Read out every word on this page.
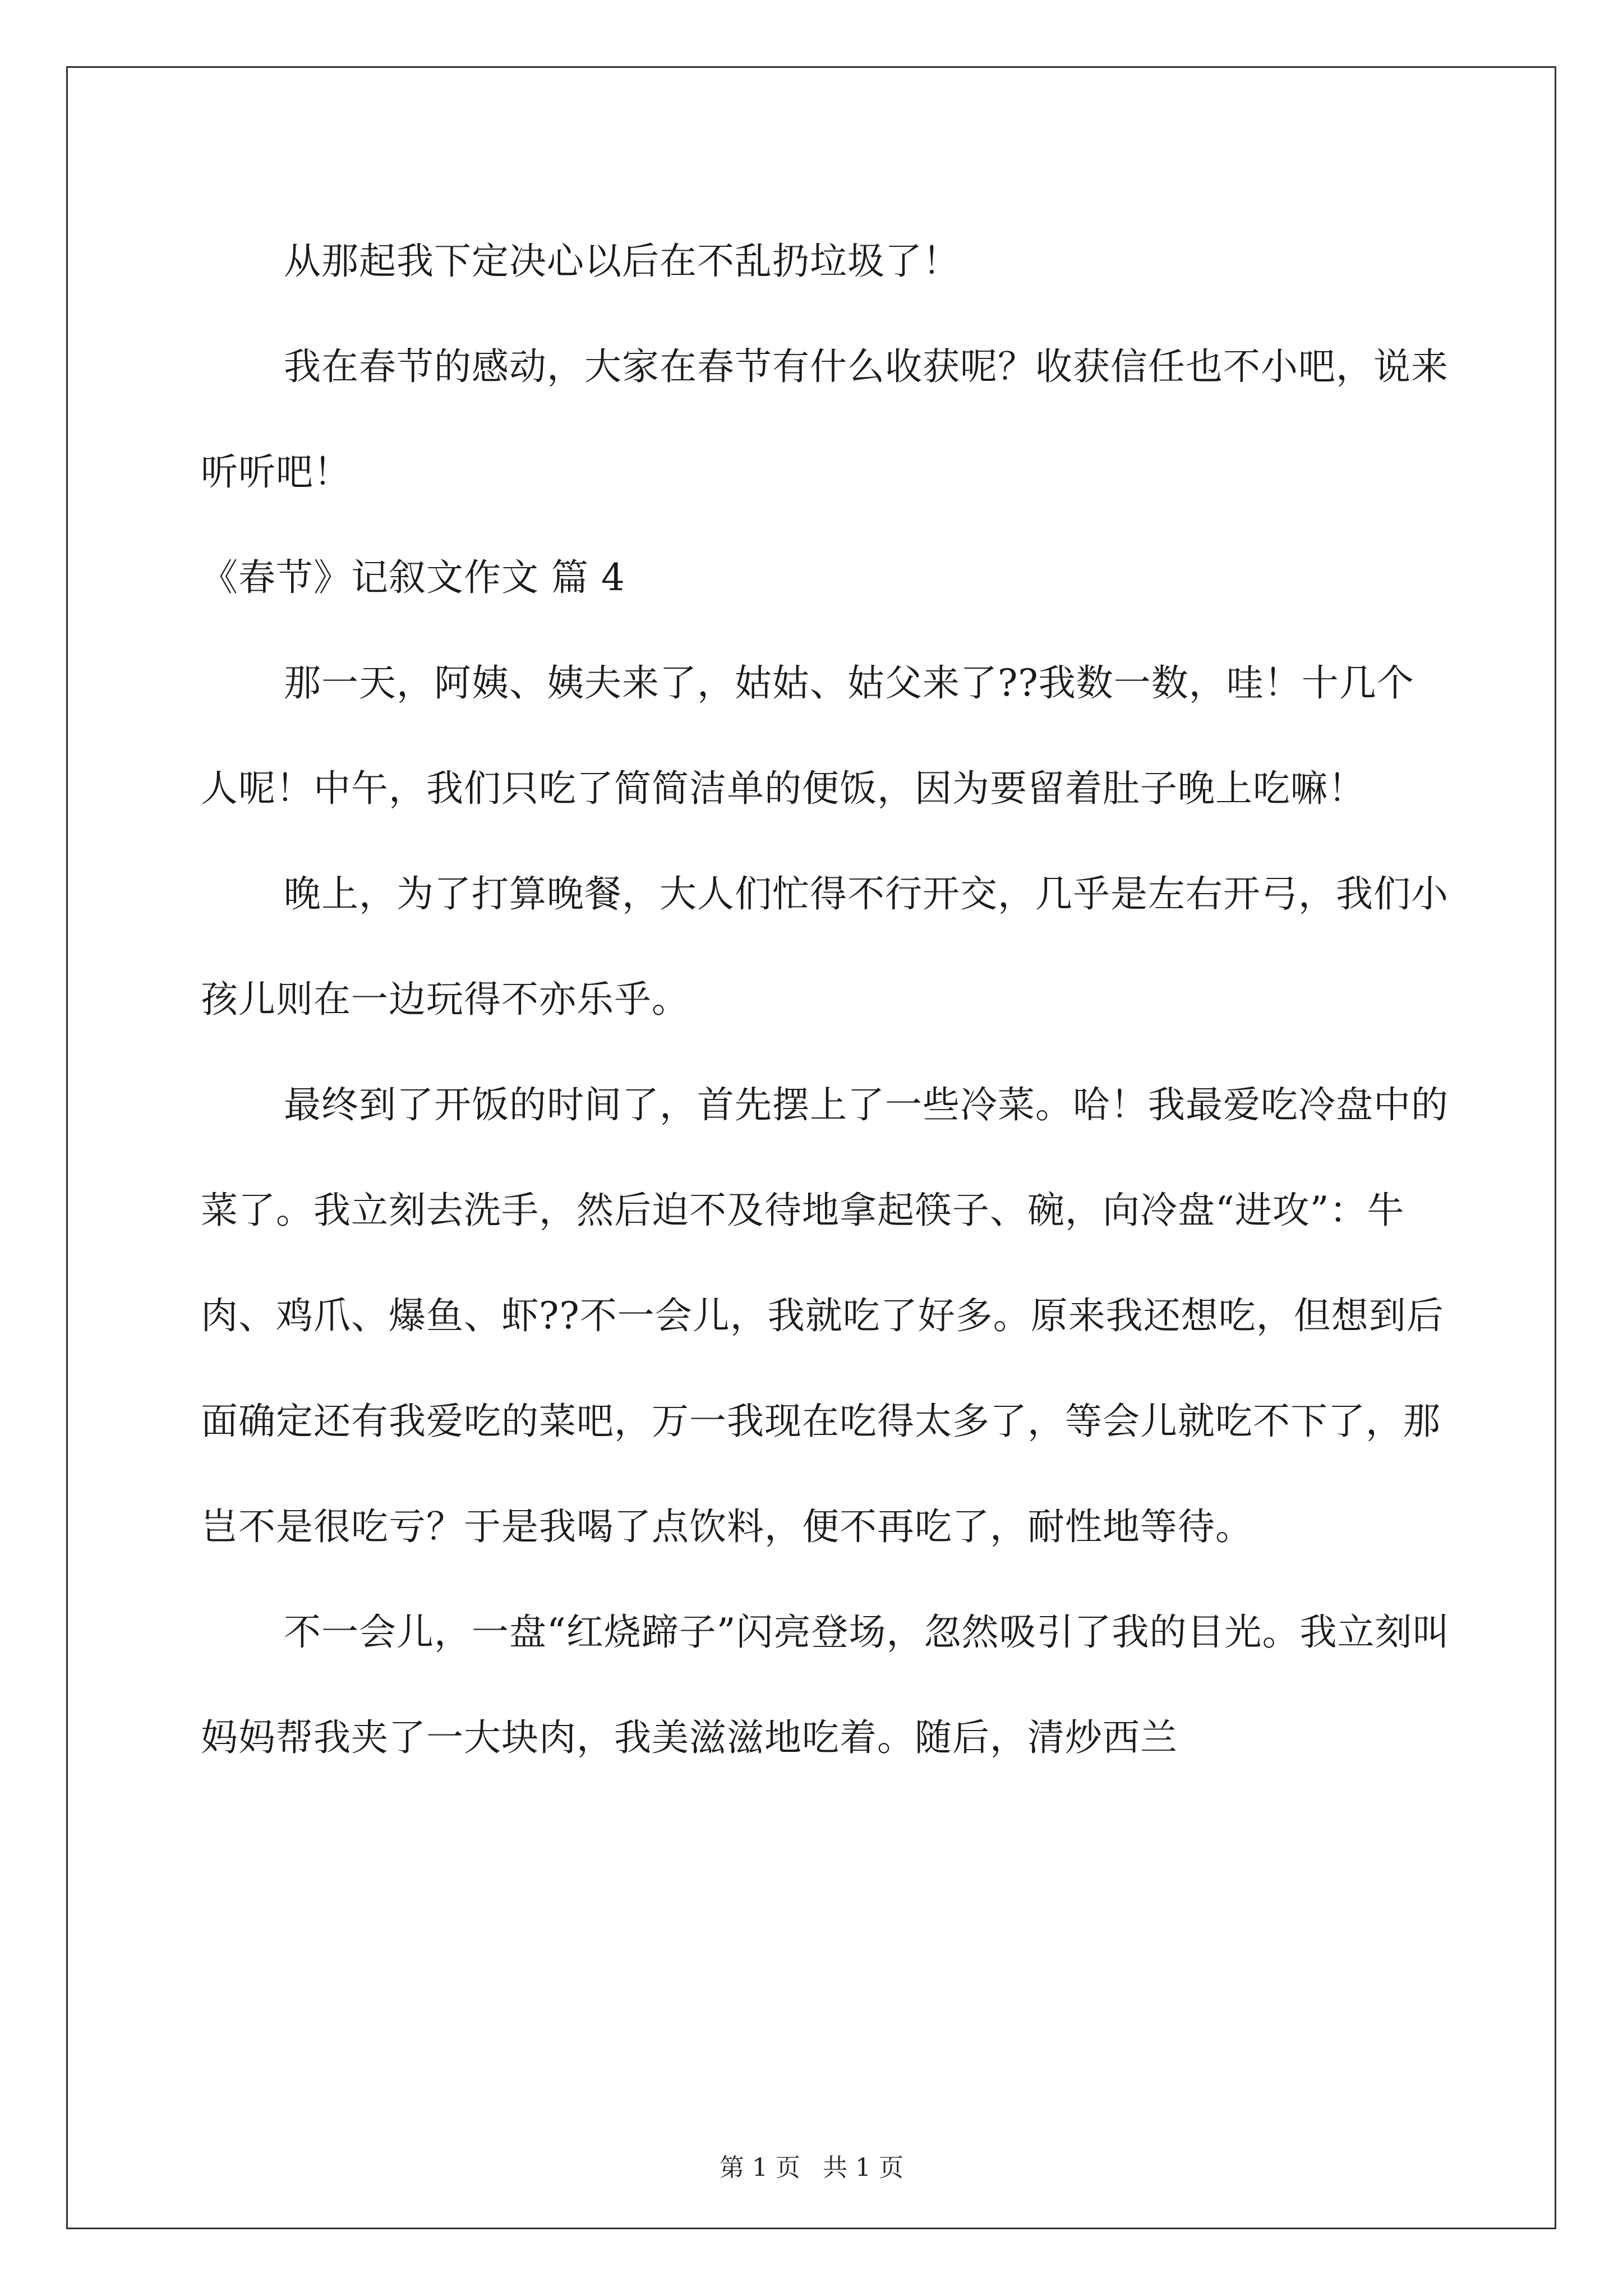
从那起我下定决心以后在不乱扔垃圾了！

我在春节的感动，大家在春节有什么收获呢？收获信任也不小吧，说来听听吧！

《春节》记叙文作文 篇 4

那一天，阿姨、姨夫来了，姑姑、姑父来了??我数一数，哇！十几个人呢！中午，我们只吃了简简洁单的便饭，因为要留着肚子晚上吃嘛！

晚上，为了打算晚餐，大人们忙得不行开交，几乎是左右开弓，我们小孩儿则在一边玩得不亦乐乎。

最终到了开饭的时间了，首先摆上了一些冷菜。哈！我最爱吃冷盘中的菜了。我立刻去洗手，然后迫不及待地拿起筷子、碗，向冷盘“进攻”：牛肉、鸡爪、爆鱼、虾??不一会儿，我就吃了好多。原来我还想吃，但想到后面确定还有我爱吃的菜吧，万一我现在吃得太多了，等会儿就吃不下了，那岂不是很吃亏？于是我喝了点饮料，便不再吃了，耐性地等待。

不一会儿，一盘“红烧蹄子”闪亮登场，忽然吸引了我的目光。我立刻叫妈妈帮我夹了一大块肉，我美滋滋地吃着。随后，清炒西兰

第 1 页 共 1 页
